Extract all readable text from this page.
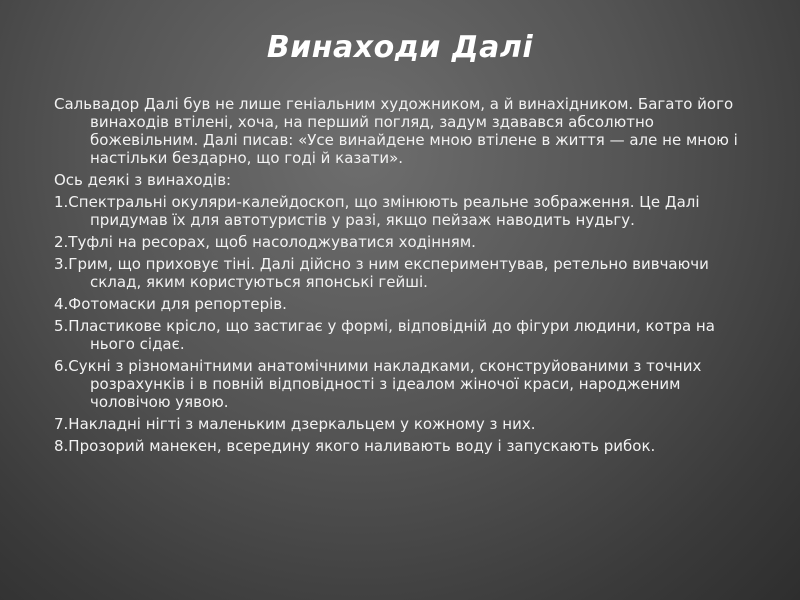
Винаходи Далі

Сальвадор Далі був не лише геніальним художником, а й винахідником. Багато його винаходів втілені, хоча, на перший погляд, задум здавався абсолютно божевільним. Далі писав: «Усе винайдене мною втілене в життя — але не мною і настільки бездарно, що годі й казати».

Ось деякі з винаходів:

1.Спектральні окуляри-калейдоскоп, що змінюють реальне зображення. Це Далі придумав їх для автотуристів у разі, якщо пейзаж наводить нудьгу.

2.Туфлі на ресорах, щоб насолоджуватися ходінням.

3.Грим, що приховує тіні. Далі дійсно з ним експериментував, ретельно вивчаючи склад, яким користуються японські гейші.

4.Фотомаски для репортерів.

5.Пластикове крісло, що застигає у формі, відповідній до фігури людини, котра на нього сідає.

6.Сукні з різноманітними анатомічними накладками, сконструйованими з точних розрахунків і в повній відповідності з ідеалом жіночої краси, народженим чоловічою уявою.

7.Накладні нігті з маленьким дзеркальцем у кожному з них.

8.Прозорий манекен, всередину якого наливають воду і запускають рибок.
